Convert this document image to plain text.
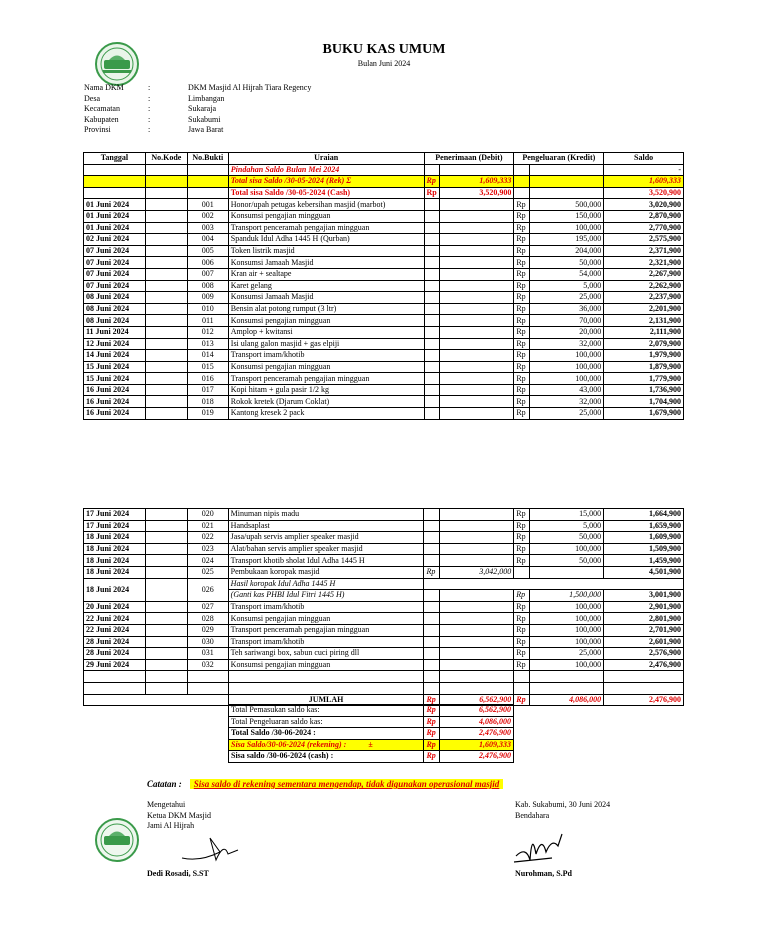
BUKU KAS UMUM
Bulan Juni 2024
Nama DKM	:	DKM Masjid Al Hijrah Tiara Regency
Desa	:	Limbangan
Kecamatan	:	Sukaraja
Kabupaten	:	Sukabumi
Provinsi	:	Jawa Barat
Tanggal	No.Kode	No.Bukti	Uraian	Penerimaan (Debit)		Pengeluaran (Kredit)		Saldo
			Pindahan Saldo Bulan Mei 2024					-
			Total sisa Saldo /30-05-2024 (Rek) Σ	Rp	1,609,333			1,609,333
			Total sisa Saldo /30-05-2024 (Cash)	Rp	3,520,900			3,520,900
01 Juni 2024		001	Honor/upah petugas kebersihan masjid (marbot)			Rp	500,000	3,020,900
01 Juni 2024		002	Konsumsi pengajian mingguan			Rp	150,000	2,870,900
01 Juni 2024		003	Transport penceramah pengajian mingguan			Rp	100,000	2,770,900
02 Juni 2024		004	Spanduk Idul Adha 1445 H (Qurban)			Rp	195,000	2,575,900
07 Juni 2024		005	Token listrik masjid			Rp	204,000	2,371,900
07 Juni 2024		006	Konsumsi Jamaah Masjid			Rp	50,000	2,321,900
07 Juni 2024		007	Kran air + sealtape			Rp	54,000	2,267,900
07 Juni 2024		008	Karet gelang			Rp	5,000	2,262,900
08 Juni 2024		009	Konsumsi Jamaah Masjid			Rp	25,000	2,237,900
08 Juni 2024		010	Bensin alat potong rumput (3 ltr)			Rp	36,000	2,201,900
08 Juni 2024		011	Konsumsi pengajian mingguan			Rp	70,000	2,131,900
11 Juni 2024		012	Amplop + kwitansi			Rp	20,000	2,111,900
12 Juni 2024		013	Isi ulang galon masjid + gas elpiji			Rp	32,000	2,079,900
14 Juni 2024		014	Transport imam/khotib			Rp	100,000	1,979,900
15 Juni 2024		015	Konsumsi pengajian mingguan			Rp	100,000	1,879,900
15 Juni 2024		016	Transport penceramah pengajian mingguan			Rp	100,000	1,779,900
16 Juni 2024		017	Kopi hitam + gula pasir 1/2 kg			Rp	43,000	1,736,900
16 Juni 2024		018	Rokok kretek (Djarum Coklat)			Rp	32,000	1,704,900
16 Juni 2024		019	Kantong kresek 2 pack			Rp	25,000	1,679,900
17 Juni 2024		020	Minuman nipis madu			Rp	15,000	1,664,900
17 Juni 2024		021	Handsaplast			Rp	5,000	1,659,900
18 Juni 2024		022	Jasa/upah servis amplier speaker masjid			Rp	50,000	1,609,900
18 Juni 2024		023	Alat/bahan servis amplier speaker masjid			Rp	100,000	1,509,900
18 Juni 2024		024	Transport khotib sholat Idul Adha 1445 H			Rp	50,000	1,459,900
18 Juni 2024		025	Pembukaan koropak masjid	Rp	3,042,000			4,501,900
18 Juni 2024		026	Hasil koropak Idul Adha 1445 H					
			(Ganti kas PHBI Idul Fitri 1445 H)			Rp	1,500,000	3,001,900
20 Juni 2024		027	Transport imam/khotib			Rp	100,000	2,901,900
22 Juni 2024		028	Konsumsi pengajian mingguan			Rp	100,000	2,801,900
22 Juni 2024		029	Transport penceramah pengajian mingguan			Rp	100,000	2,701,900
28 Juni 2024		030	Transport imam/khotib			Rp	100,000	2,601,900
28 Juni 2024		031	Teh sariwangi box, sabun cuci piring dll			Rp	25,000	2,576,900
29 Juni 2024		032	Konsumsi pengajian mingguan			Rp	100,000	2,476,900

			JUMLAH	Rp	6,562,900	Rp	4,086,000	2,476,900
Total Pemasukan saldo kas:	Rp	6,562,900
Total Pengeluaran saldo kas:	Rp	4,086,000
Total Saldo /30-06-2024 :	Rp	2,476,900
Sisa Saldo/30-06-2024 (rekening) : ±	Rp	1,609,333
Sisa saldo /30-06-2024 (cash) :	Rp	2,476,900
Catatan : Sisa saldo di rekening sementara mengendap, tidak digunakan operasional masjid
Mengetahui
Ketua DKM Masjid
Jami Al Hijrah
Dedi Rosadi, S.ST
Kab. Sukabumi, 30 Juni 2024
Bendahara
Nurohman, S.Pd
